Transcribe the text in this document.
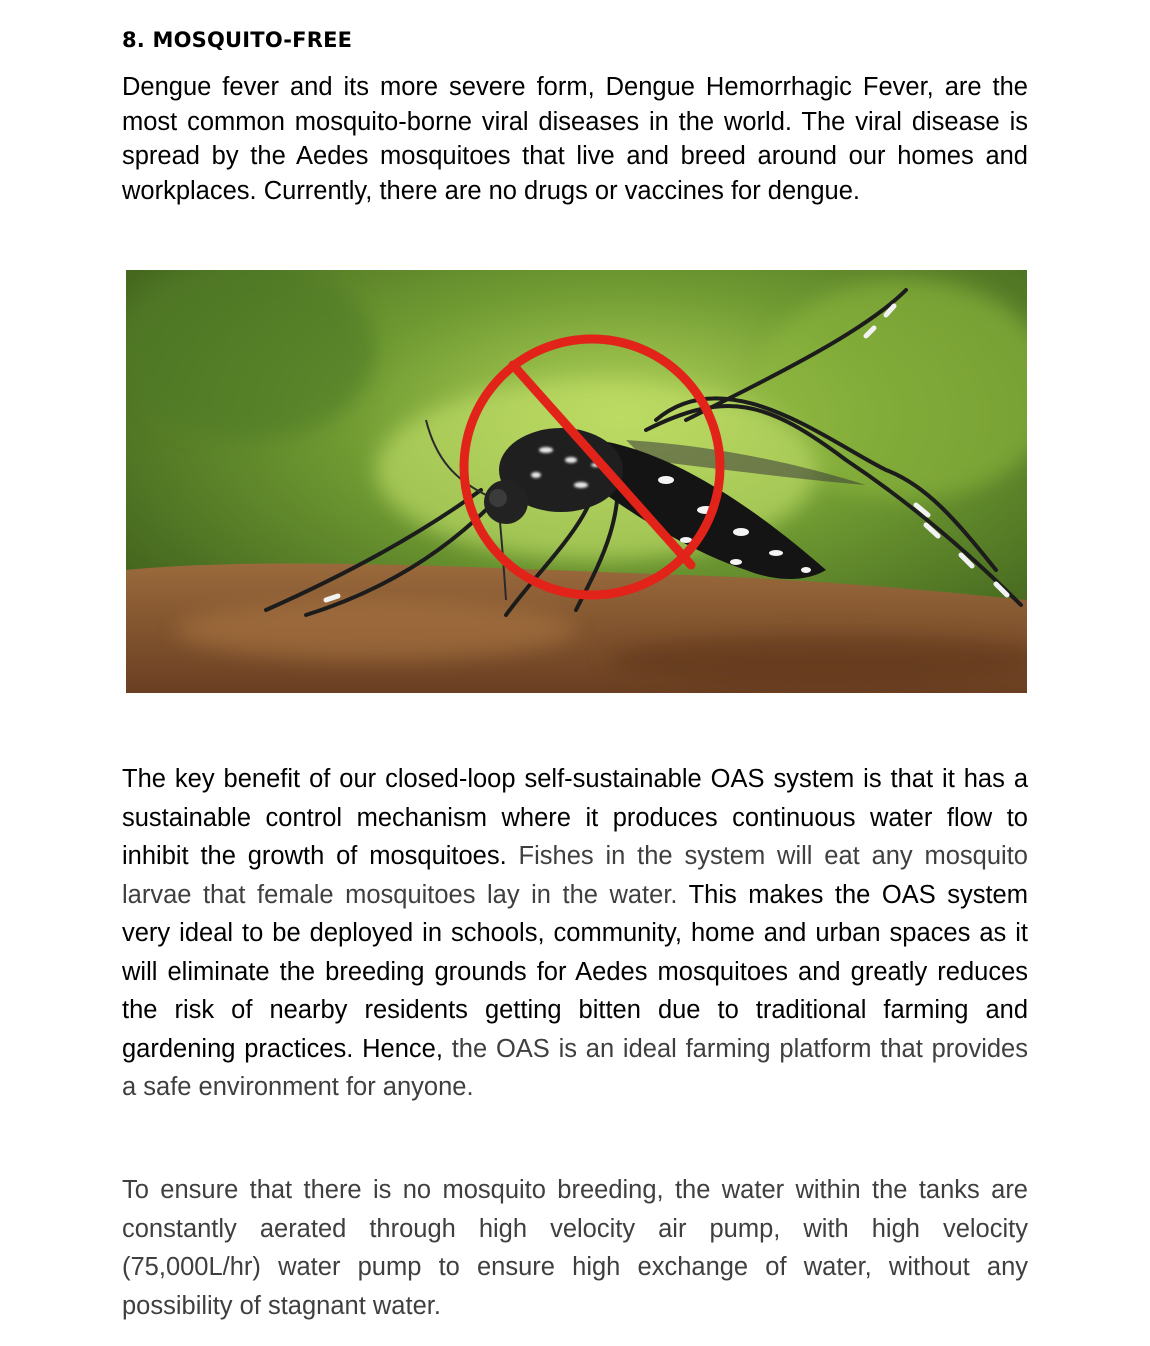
8. MOSQUITO-FREE

Dengue fever and its more severe form, Dengue Hemorrhagic Fever, are the most common mosquito-borne viral diseases in the world. The viral disease is spread by the Aedes mosquitoes that live and breed around our homes and workplaces. Currently, there are no drugs or vaccines for dengue.

The key benefit of our closed-loop self-sustainable OAS system is that it has a sustainable control mechanism where it produces continuous water flow to inhibit the growth of mosquitoes. Fishes in the system will eat any mosquito larvae that female mosquitoes lay in the water. This makes the OAS system very ideal to be deployed in schools, community, home and urban spaces as it will eliminate the breeding grounds for Aedes mosquitoes and greatly reduces the risk of nearby residents getting bitten due to traditional farming and gardening practices. Hence, the OAS is an ideal farming platform that provides a safe environment for anyone.

To ensure that there is no mosquito breeding, the water within the tanks are constantly aerated through high velocity air pump, with high velocity (75,000L/hr) water pump to ensure high exchange of water, without any possibility of stagnant water.
